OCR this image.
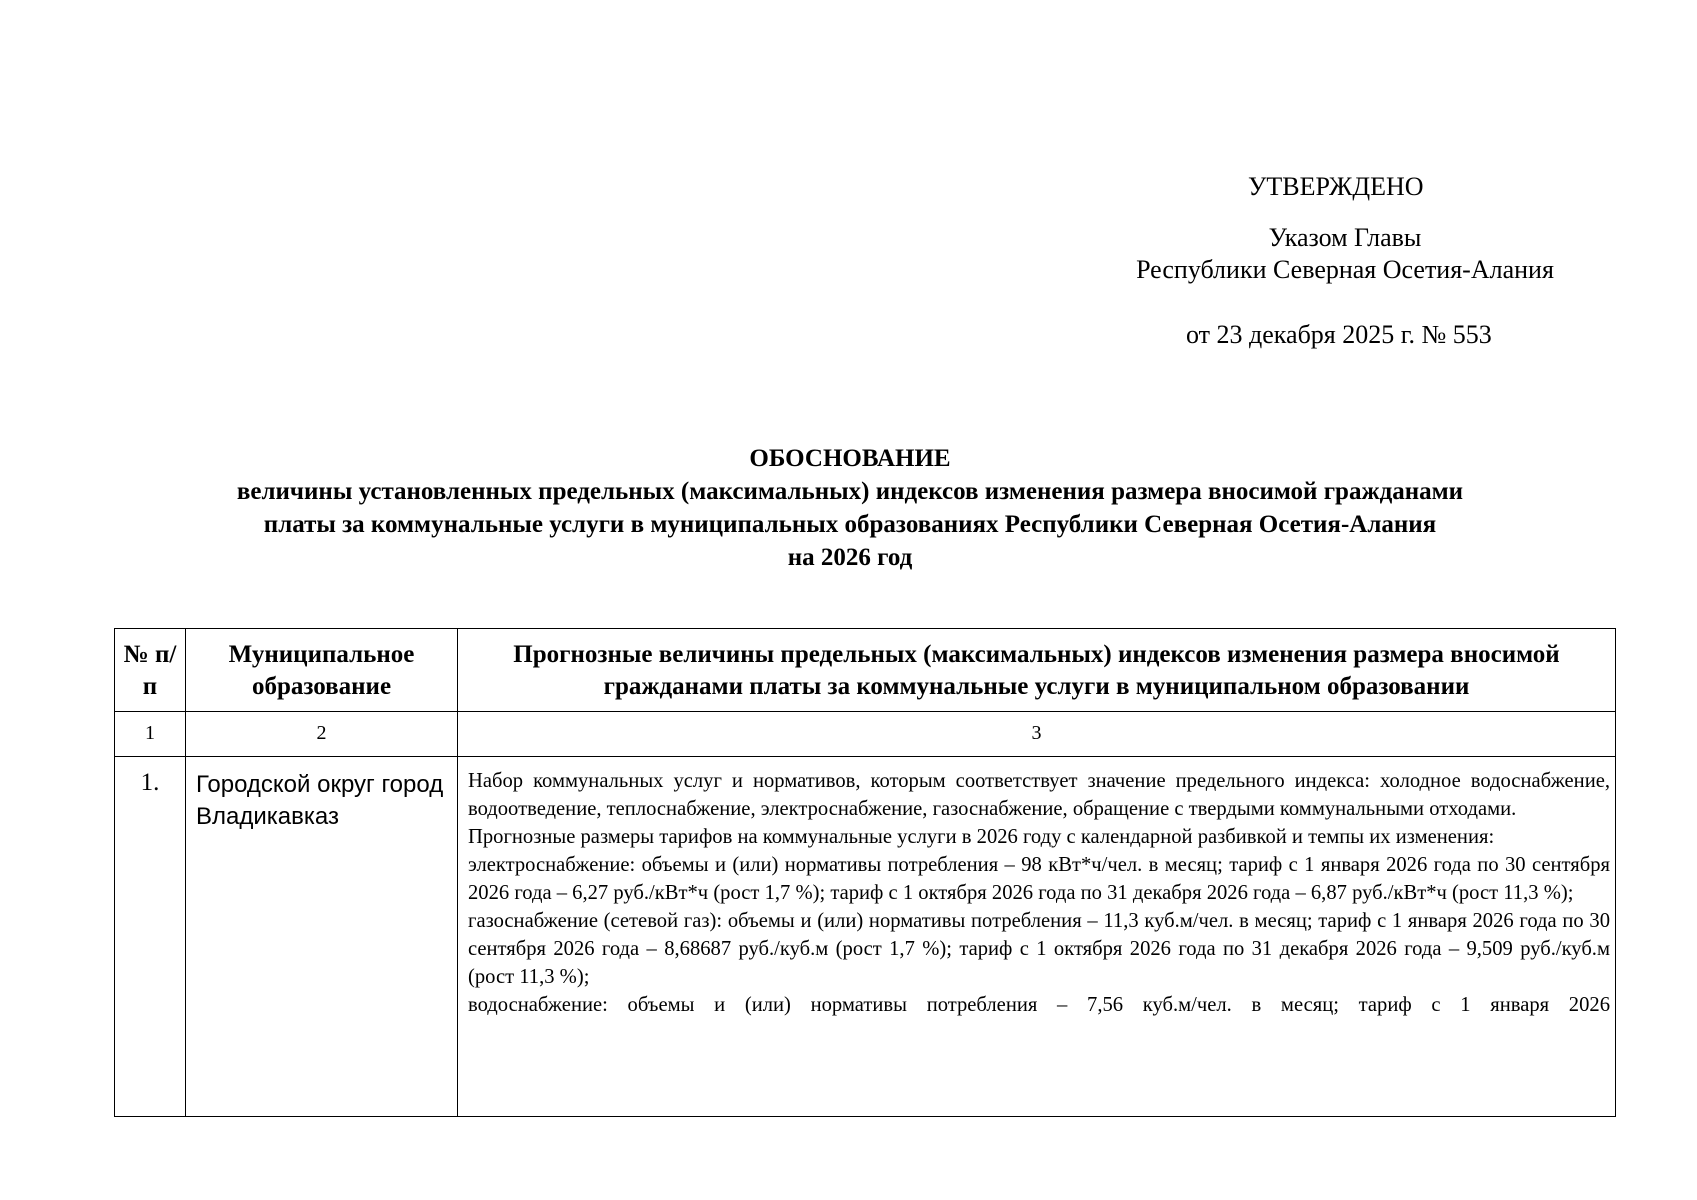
УТВЕРЖДЕНО
Указом Главы
Республики Северная Осетия-Алания
от 23 декабря 2025 г. № 553
ОБОСНОВАНИЕ
величины установленных предельных (максимальных) индексов изменения размера вносимой гражданами
платы за коммунальные услуги в муниципальных образованиях Республики Северная Осетия-Алания
на 2026 год
№ п/п	Муниципальное образование	Прогнозные величины предельных (максимальных) индексов изменения размера вносимой гражданами платы за коммунальные услуги в муниципальном образовании
1	2	3
1.	Городской округ город Владикавказ	Набор коммунальных услуг и нормативов, которым соответствует значение предельного индекса: холодное водоснабжение, водоотведение, теплоснабжение, электроснабжение, газоснабжение, обращение с твердыми коммунальными отходами.
Прогнозные размеры тарифов на коммунальные услуги в 2026 году с календарной разбивкой и темпы их изменения:
электроснабжение: объемы и (или) нормативы потребления – 98 кВт*ч/чел. в месяц; тариф с 1 января 2026 года по 30 сентября 2026 года – 6,27 руб./кВт*ч (рост 1,7 %); тариф с 1 октября 2026 года по 31 декабря 2026 года – 6,87 руб./кВт*ч (рост 11,3 %);
газоснабжение (сетевой газ): объемы и (или) нормативы потребления – 11,3 куб.м/чел. в месяц; тариф с 1 января 2026 года по 30 сентября 2026 года – 8,68687 руб./куб.м (рост 1,7 %); тариф с 1 октября 2026 года по 31 декабря 2026 года – 9,509 руб./куб.м (рост 11,3 %);
водоснабжение: объемы и (или) нормативы потребления – 7,56 куб.м/чел. в месяц; тариф с 1 января 2026
